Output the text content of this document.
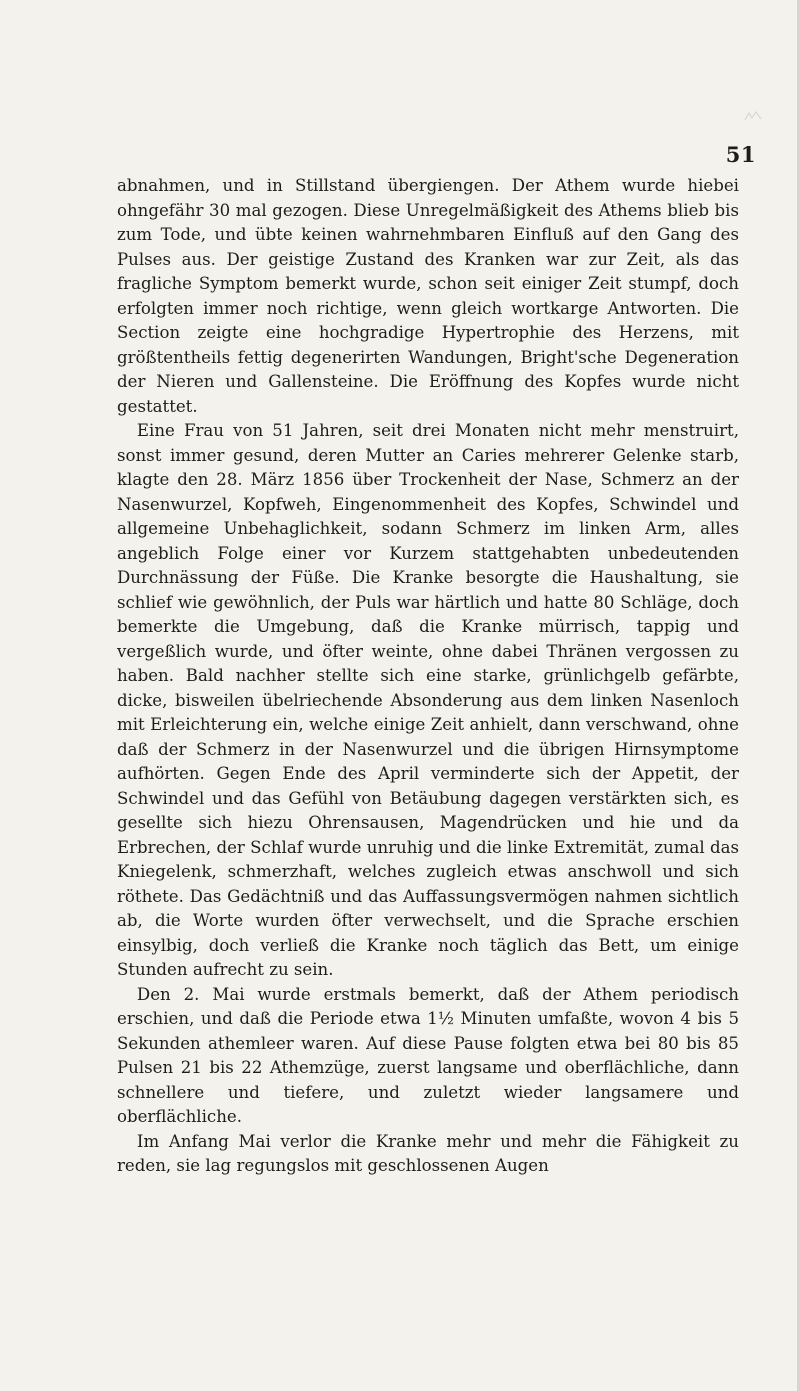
51

abnahmen, und in Stillstand übergiengen. Der Athem wurde hiebei ohngefähr 30 mal gezogen. Diese Unregelmäßigkeit des Athems blieb bis zum Tode, und übte keinen wahrnehmbaren Einfluß auf den Gang des Pulses aus. Der geistige Zustand des Kranken war zur Zeit, als das fragliche Symptom bemerkt wurde, schon seit einiger Zeit stumpf, doch erfolgten immer noch richtige, wenn gleich wortkarge Antworten. Die Section zeigte eine hochgradige Hypertrophie des Herzens, mit größtentheils fettig degenerirten Wandungen, Bright'sche Degeneration der Nieren und Gallensteine. Die Eröffnung des Kopfes wurde nicht gestattet.

Eine Frau von 51 Jahren, seit drei Monaten nicht mehr menstruirt, sonst immer gesund, deren Mutter an Caries mehrerer Gelenke starb, klagte den 28. März 1856 über Trockenheit der Nase, Schmerz an der Nasenwurzel, Kopfweh, Eingenommenheit des Kopfes, Schwindel und allgemeine Unbehaglichkeit, sodann Schmerz im linken Arm, alles angeblich Folge einer vor Kurzem stattgehabten unbedeutenden Durchnässung der Füße. Die Kranke besorgte die Haushaltung, sie schlief wie gewöhnlich, der Puls war härtlich und hatte 80 Schläge, doch bemerkte die Umgebung, daß die Kranke mürrisch, tappig und vergeßlich wurde, und öfter weinte, ohne dabei Thränen vergossen zu haben. Bald nachher stellte sich eine starke, grünlichgelb gefärbte, dicke, bisweilen übelriechende Absonderung aus dem linken Nasenloch mit Erleichterung ein, welche einige Zeit anhielt, dann verschwand, ohne daß der Schmerz in der Nasenwurzel und die übrigen Hirnsymptome aufhörten. Gegen Ende des April verminderte sich der Appetit, der Schwindel und das Gefühl von Betäubung dagegen verstärkten sich, es gesellte sich hiezu Ohrensausen, Magendrücken und hie und da Erbrechen, der Schlaf wurde unruhig und die linke Extremität, zumal das Kniegelenk, schmerzhaft, welches zugleich etwas anschwoll und sich röthete. Das Gedächtniß und das Auffassungsvermögen nahmen sichtlich ab, die Worte wurden öfter verwechselt, und die Sprache erschien einsylbig, doch verließ die Kranke noch täglich das Bett, um einige Stunden aufrecht zu sein.

Den 2. Mai wurde erstmals bemerkt, daß der Athem periodisch erschien, und daß die Periode etwa 1½ Minuten umfaßte, wovon 4 bis 5 Sekunden athemleer waren. Auf diese Pause folgten etwa bei 80 bis 85 Pulsen 21 bis 22 Athemzüge, zuerst langsame und oberflächliche, dann schnellere und tiefere, und zuletzt wieder langsamere und oberflächliche.

Im Anfang Mai verlor die Kranke mehr und mehr die Fähigkeit zu reden, sie lag regungslos mit geschlossenen Augen
